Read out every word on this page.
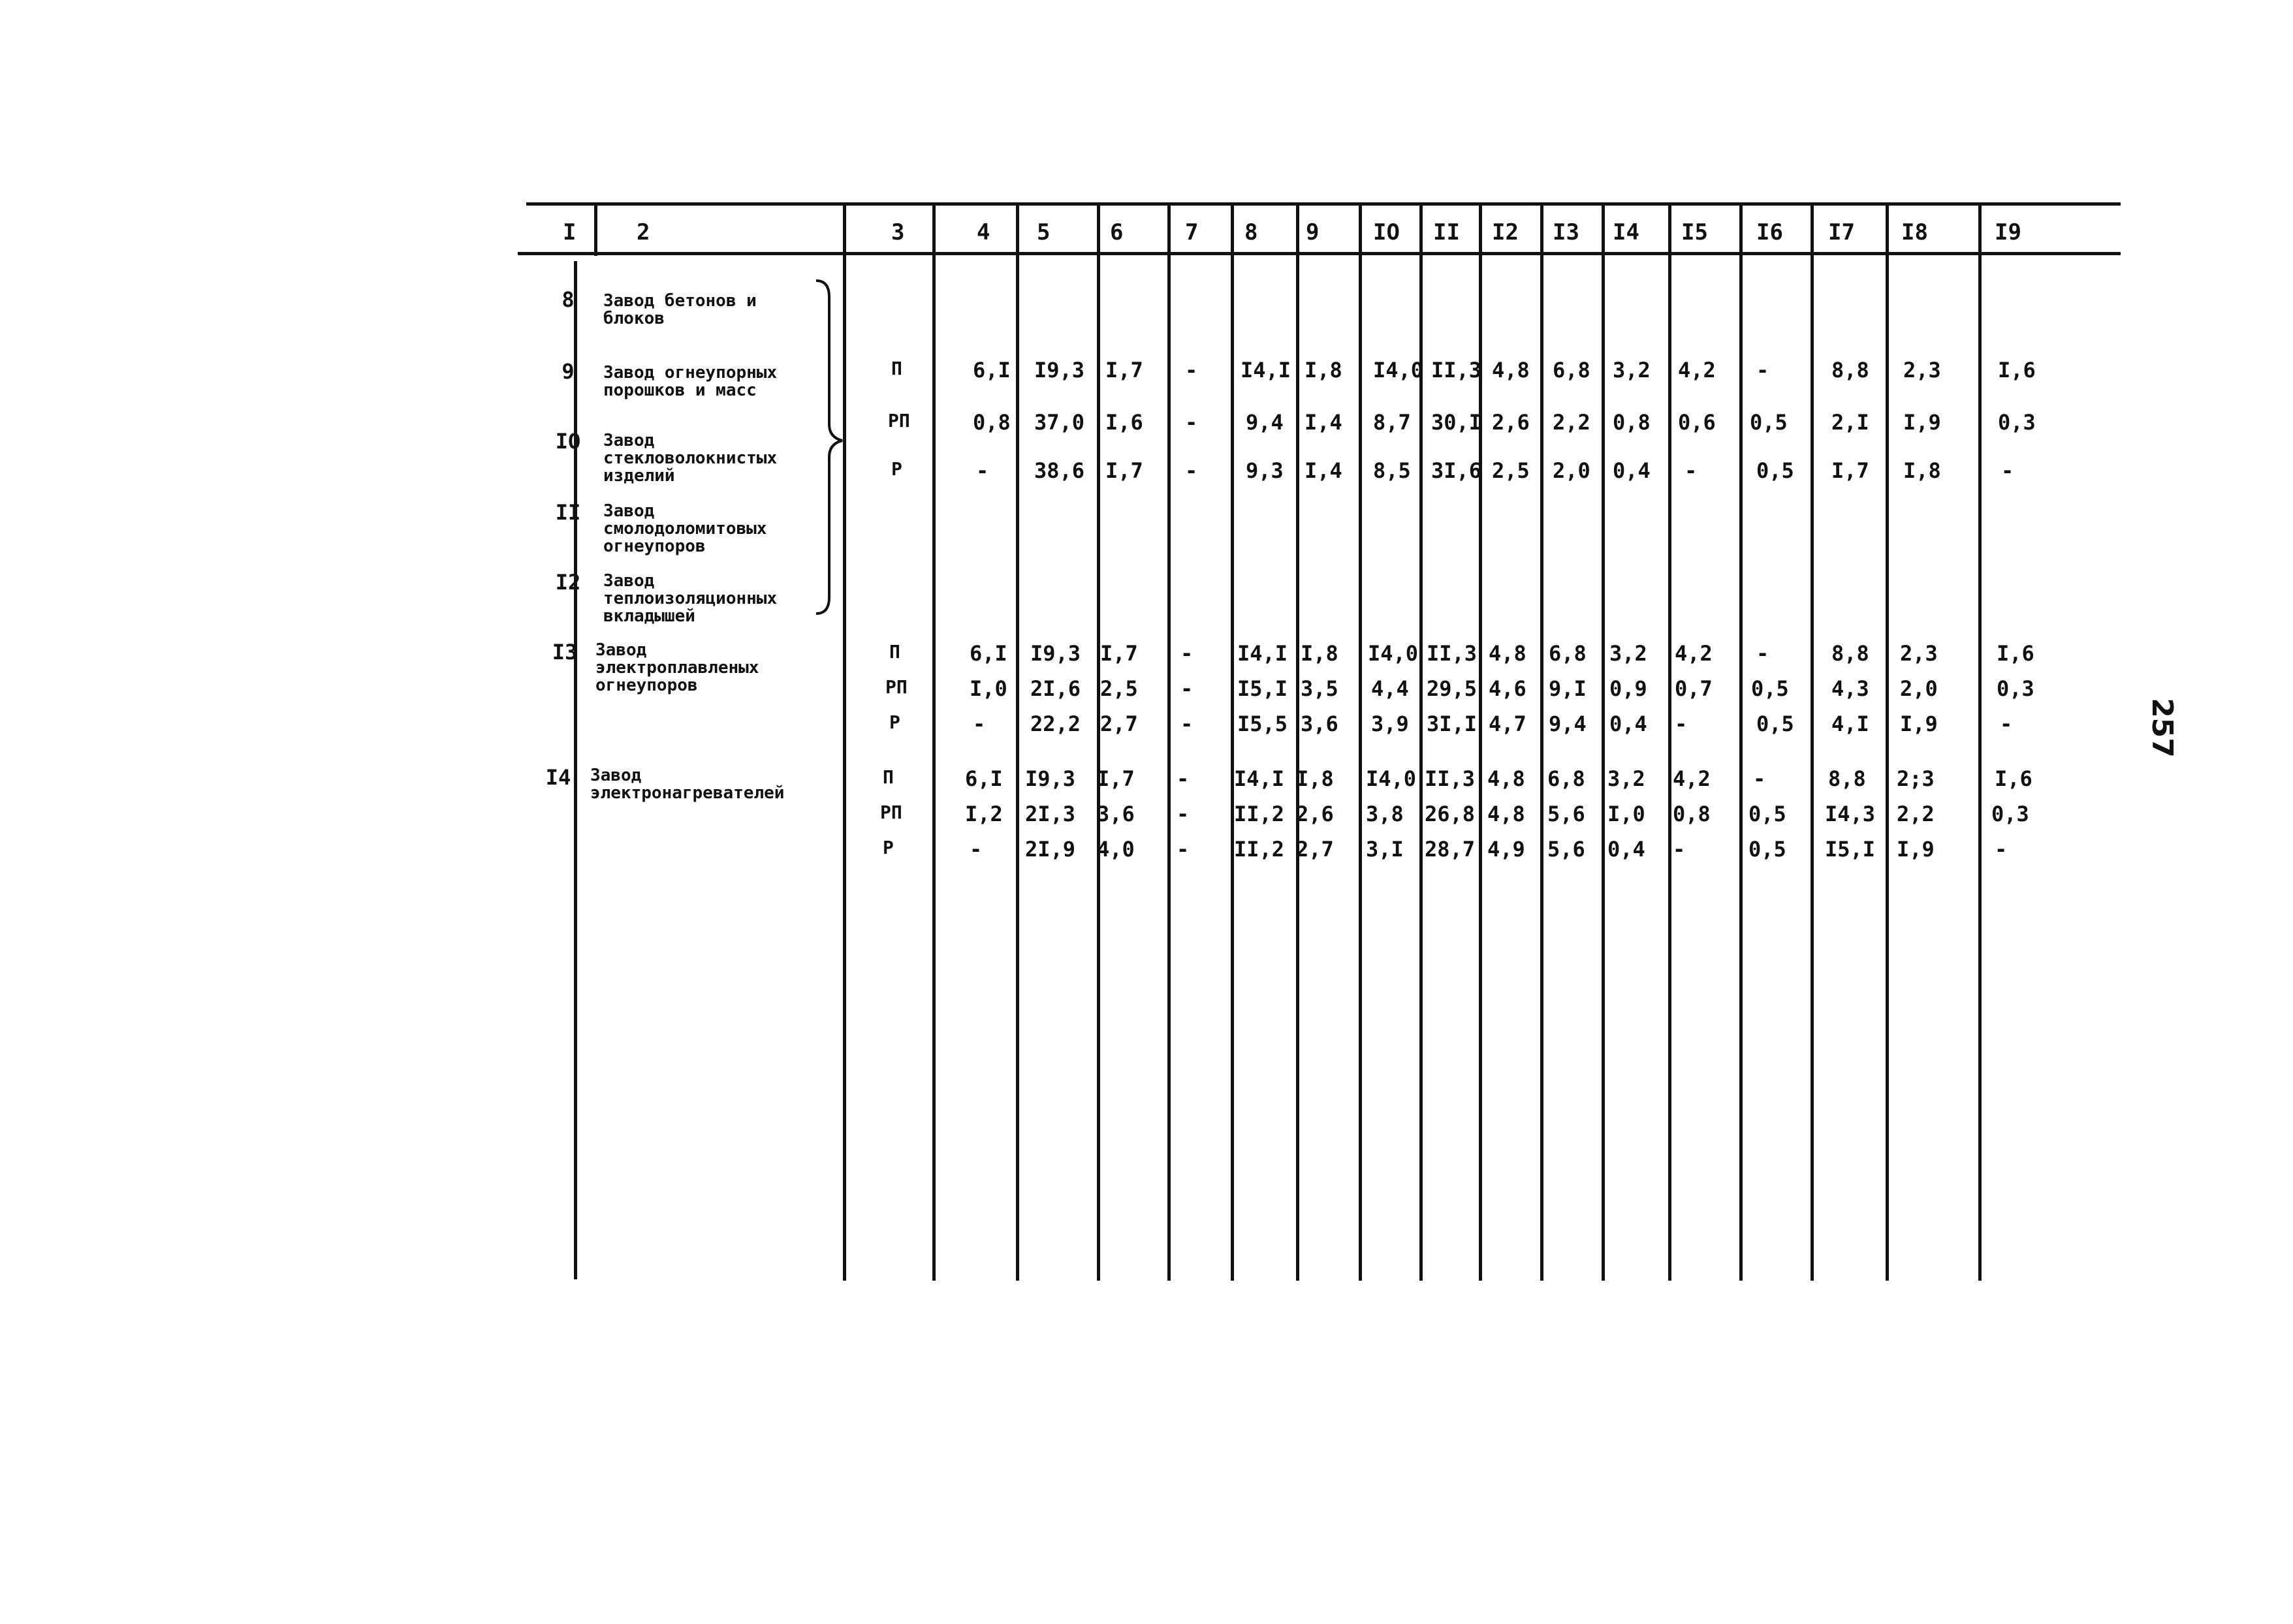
I	2	3	4 5	6	7 8 9 IO II I2 I3 I4 I5 I6 I7 I8	I9
8	Завод бетонов и блоков
9	Завод огнеупорных порошков и масс
IO	Завод стекловолокнистых изделий
II	Завод смолодоломитовых огнеупоров
I2	Завод теплоизоляционных вкладышей
П	6,I I9,3 I,7 - I4,I I,8 I4,0 II,3 4,8 6,8 3,2 4,2 -	8,8 2,3	I,6
РП	0,8 37,0 I,6 - 9,4 I,4 8,7 30,I 2,6 2,2 0,8 0,6 0,5 2,I I,9	0,3
Р	- 38,6 I,7 - 9,3 I,4 8,5 3I,6 2,5 2,0 0,4 -	0,5 I,7 I,8	-
I3	Завод электроплавленых огнеупоров
П	6,I I9,3 I,7 - I4,I I,8 I4,0 II,3 4,8 6,8 3,2 4,2 -	8,8 2,3	I,6
РП	I,0 2I,6 2,5 - I5,I 3,5 4,4 29,5 4,6 9,I 0,9 0,7 0,5 4,3 2,0	0,3
Р	- 22,2 2,7 - I5,5 3,6 3,9 3I,I 4,7 9,4 0,4 -	0,5 4,I I,9	-
I4	Завод электронагревателей
П	6,I I9,3 I,7 - I4,I I,8 I4,0 II,3 4,8 6,8 3,2 4,2 -	8,8 2;3	I,6
РП	I,2 2I,3 3,6 - II,2 2,6 3,8 26,8 4,8 5,6 I,0 0,8 0,5 I4,3 2,2	0,3
Р	- 2I,9 4,0 - II,2 2,7 3,I 28,7 4,9 5,6 0,4 -	0,5 I5,I I,9	-
257
